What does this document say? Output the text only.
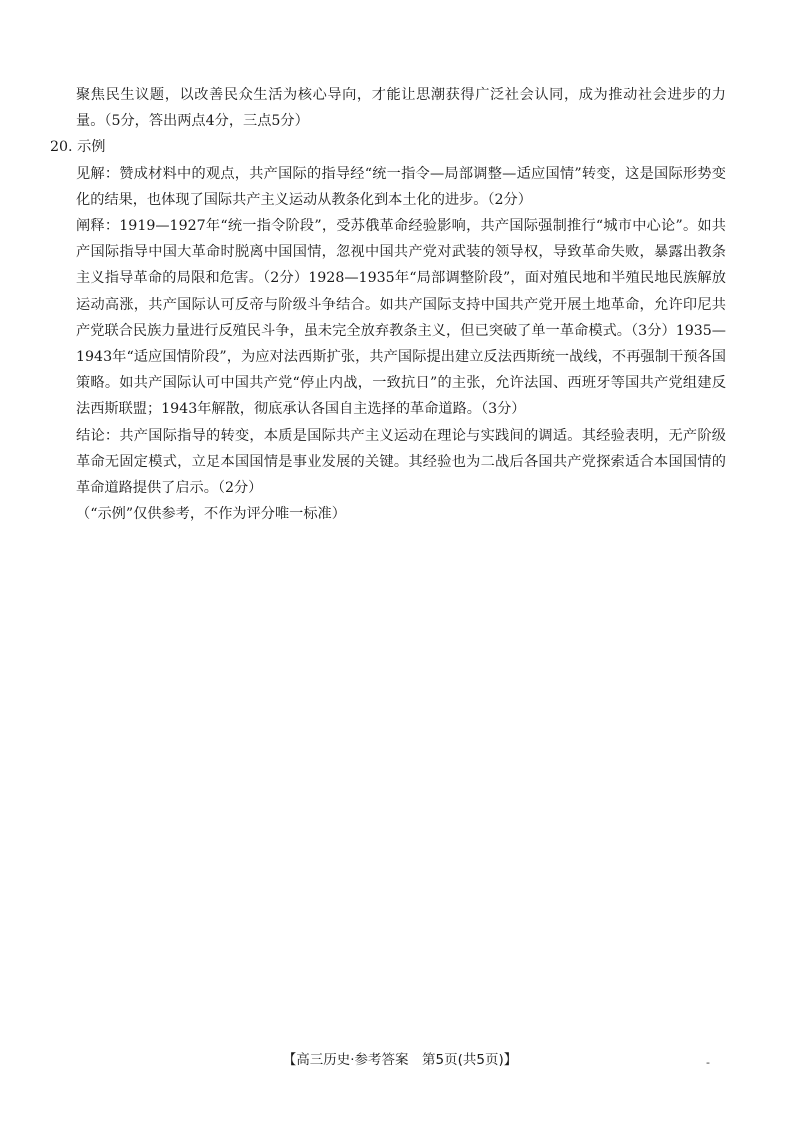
聚焦民生议题，以改善民众生活为核心导向，才能让思潮获得广泛社会认同，成为推动社会进步的力量。（5分，答出两点4分，三点5分）

20. 示例

见解：赞成材料中的观点，共产国际的指导经“统一指令—局部调整—适应国情”转变，这是国际形势变化的结果，也体现了国际共产主义运动从教条化到本土化的进步。（2分）

阐释：1919—1927年“统一指令阶段”，受苏俄革命经验影响，共产国际强制推行“城市中心论”。如共产国际指导中国大革命时脱离中国国情，忽视中国共产党对武装的领导权，导致革命失败，暴露出教条主义指导革命的局限和危害。（2分）1928—1935年“局部调整阶段”，面对殖民地和半殖民地民族解放运动高涨，共产国际认可反帝与阶级斗争结合。如共产国际支持中国共产党开展土地革命，允许印尼共产党联合民族力量进行反殖民斗争，虽未完全放弃教条主义，但已突破了单一革命模式。（3分）1935—1943年“适应国情阶段”，为应对法西斯扩张，共产国际提出建立反法西斯统一战线，不再强制干预各国策略。如共产国际认可中国共产党“停止内战，一致抗日”的主张，允许法国、西班牙等国共产党组建反法西斯联盟；1943年解散，彻底承认各国自主选择的革命道路。（3分）

结论：共产国际指导的转变，本质是国际共产主义运动在理论与实践间的调适。其经验表明，无产阶级革命无固定模式，立足本国国情是事业发展的关键。其经验也为二战后各国共产党探索适合本国国情的革命道路提供了启示。（2分）

（“示例”仅供参考，不作为评分唯一标准）

【高三历史·参考答案　第5页(共5页)】	-
